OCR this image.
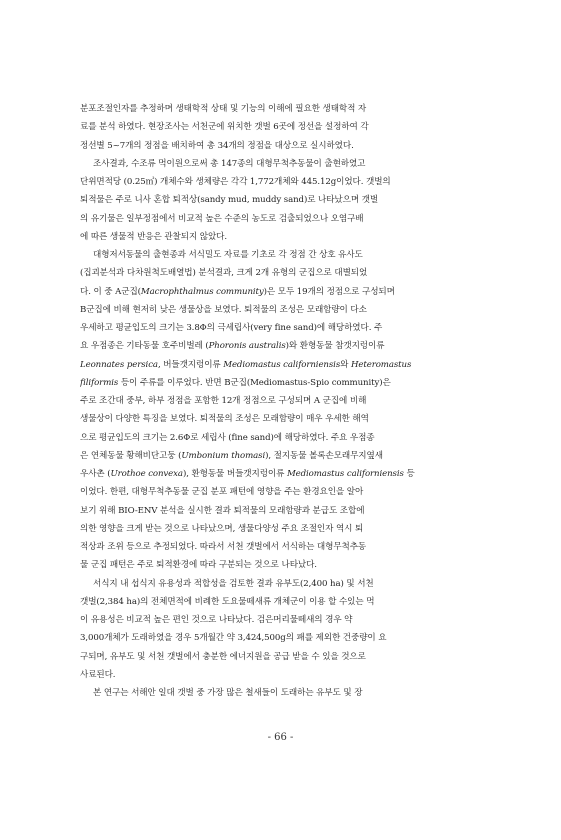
분포조절인자를 추정하며 생태학적 상태 및 기능의 이해에 필요한 생태학적 자
료를 분석 하였다. 현장조사는 서천군에 위치한 갯벌 6곳에 정선을 설정하여 각
정선별 5~7개의 정점을 배치하여 총 34개의 정점을 대상으로 실시하였다.

조사결과, 수조류 먹이원으로써 총 147종의 대형무척추동물이 출현하였고
단위면적당 (0.25㎡) 개체수와 생체량은 각각 1,772개체와 445.12g이었다. 갯벌의
퇴적물은 주로 니사 혼합 퇴적상(sandy mud, muddy sand)로 나타났으며 갯벌
의 유기물은 일부정점에서 비교적 높은 수준의 농도로 검출되었으나 오염구배
에 따른 생물적 반응은 관찰되지 않았다.

대형저서동물의 출현종과 서식밀도 자료를 기초로 각 정점 간 상호 유사도
(집괴분석과 다차원척도배열법) 분석결과, 크게 2개 유형의 군집으로 대별되었
다. 이 중 A군집(Macrophthalmus community)은 모두 19개의 정점으로 구성되며
B군집에 비해 현저히 낮은 생물상을 보였다. 퇴적물의 조성은 모래함량이 다소
우세하고 평균입도의 크기는 3.8Φ의 극세립사(very fine sand)에 해당하였다. 주
요 우점종은 기타동물 호주비벌레 (Phoronis australis)와 환형동물 참갯지렁이류
Leonnates persica, 버들갯지렁이류 Mediomastus californiensis와 Heteromastus
filiformis 등이 주류를 이루었다. 반면 B군집(Mediomastus-Spio community)은
주로 조간대 중부, 하부 정점을 포함한 12개 정점으로 구성되며 A 군집에 비해
생물상이 다양한 특징을 보였다. 퇴적물의 조성은 모래함량이 매우 우세한 해역
으로 평균입도의 크기는 2.6Φ로 세립사 (fine sand)에 해당하였다. 주요 우점종
은 연체동물 황해비단고둥 (Umbonium thomasi), 절지동물 볼록손모래무지옆새
우사촌 (Urothoe convexa), 환형동물 버들갯지렁이류 Mediomastus californiensis 등
이었다. 한편, 대형무척추동물 군집 분포 패턴에 영향을 주는 환경요인을 알아
보기 위해 BIO-ENV 분석을 실시한 결과 퇴적물의 모래함량과 분급도 조합에
의한 영향을 크게 받는 것으로 나타났으며, 생물다양성 주요 조절인자 역시 퇴
적상과 조위 등으로 추정되었다. 따라서 서천 갯벌에서 서식하는 대형무척추동
물 군집 패턴은 주로 퇴적환경에 따라 구분되는 것으로 나타났다.

서식지 내 섭식지 유용성과 적합성을 검토한 결과 유부도(2,400 ha) 및 서천
갯벌(2,384 ha)의 전체면적에 비례한 도요물떼새류 개체군이 이용 할 수있는 먹
이 유용성은 비교적 높은 편인 것으로 나타났다. 검은머리물떼새의 경우 약
3,000개체가 도래하였을 경우 5개월간 약 3,424,500g의 패를 제외한 건중량이 요
구되며, 유부도 및 서천 갯벌에서 충분한 에너지원을 공급 받을 수 있을 것으로
사료된다.

본 연구는 서해안 일대 갯벌 중 가장 많은 철새들이 도래하는 유부도 및 장

- 66 -
